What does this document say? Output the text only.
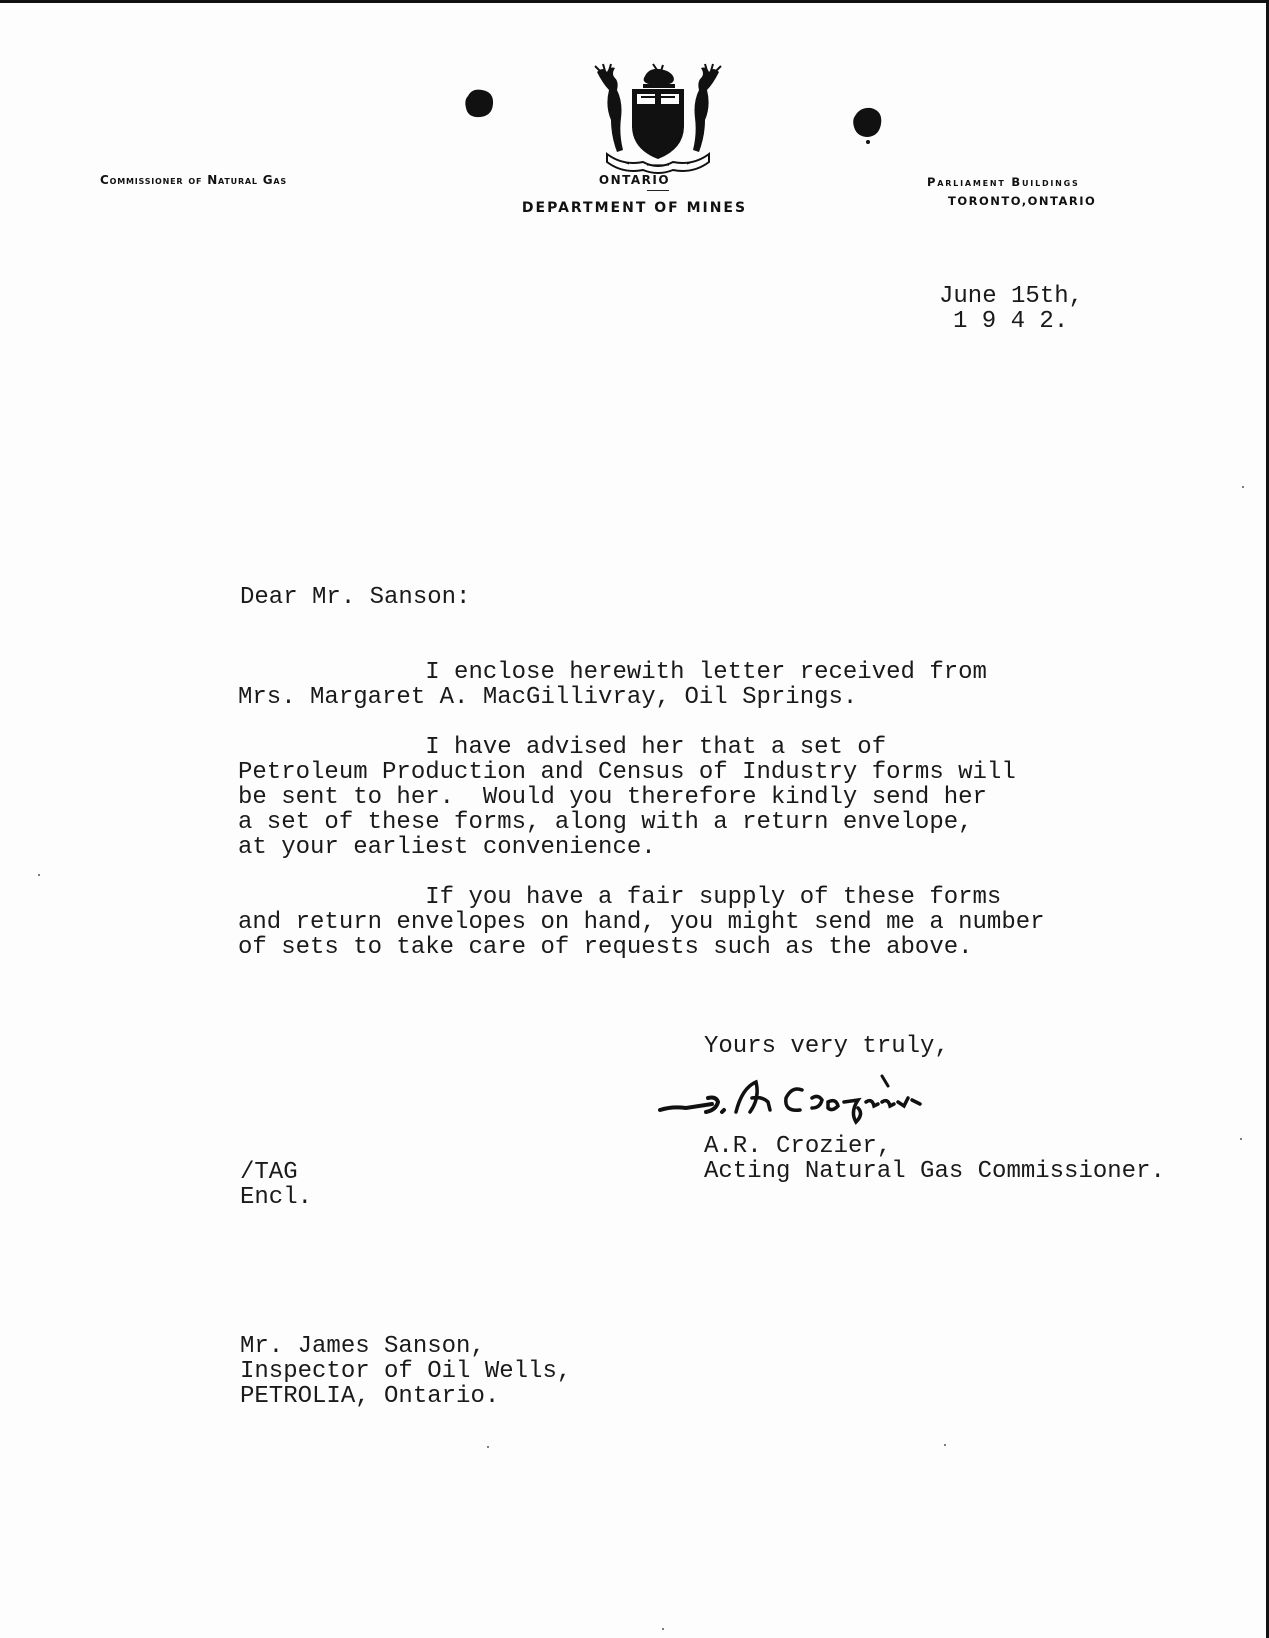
Commissioner of Natural Gas	ONTARIO
DEPARTMENT OF MINES
Parliament Buildings
TORONTO,ONTARIO
June 15th,
1 9 4 2.
Dear Mr. Sanson:
I enclose herewith letter received from
Mrs. Margaret A. MacGillivray, Oil Springs.
I have advised her that a set of
Petroleum Production and Census of Industry forms will
be sent to her.  Would you therefore kindly send her
a set of these forms, along with a return envelope,
at your earliest convenience.
If you have a fair supply of these forms
and return envelopes on hand, you might send me a number
of sets to take care of requests such as the above.
Yours very truly,
A.R. Crozier,
Acting Natural Gas Commissioner.
/TAG
Encl.
Mr. James Sanson,
Inspector of Oil Wells,
PETROLIA, Ontario.
